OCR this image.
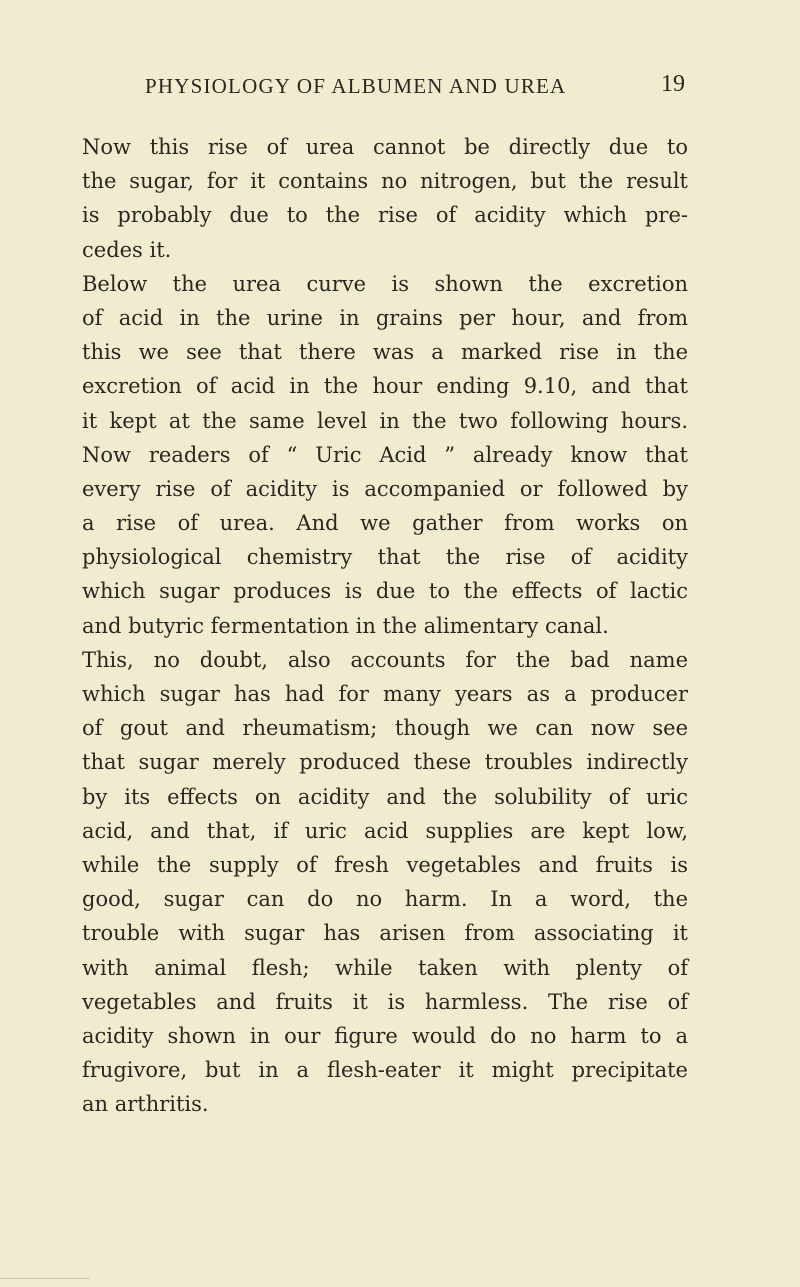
PHYSIOLOGY OF ALBUMEN AND UREA	19
Now this rise of urea cannot be directly due to
the sugar, for it contains no nitrogen, but the result
is probably due to the rise of acidity which pre-
cedes it.
Below the urea curve is shown the excretion
of acid in the urine in grains per hour, and from
this we see that there was a marked rise in the
excretion of acid in the hour ending 9.10, and that
it kept at the same level in the two following hours.
Now readers of “ Uric Acid ” already know that
every rise of acidity is accompanied or followed by
a rise of urea. And we gather from works on
physiological chemistry that the rise of acidity
which sugar produces is due to the effects of lactic
and butyric fermentation in the alimentary canal.
This, no doubt, also accounts for the bad name
which sugar has had for many years as a producer
of gout and rheumatism; though we can now see
that sugar merely produced these troubles indirectly
by its effects on acidity and the solubility of uric
acid, and that, if uric acid supplies are kept low,
while the supply of fresh vegetables and fruits is
good, sugar can do no harm. In a word, the
trouble with sugar has arisen from associating it
with animal flesh; while taken with plenty of
vegetables and fruits it is harmless. The rise of
acidity shown in our figure would do no harm to a
frugivore, but in a flesh-eater it might precipitate
an arthritis.
